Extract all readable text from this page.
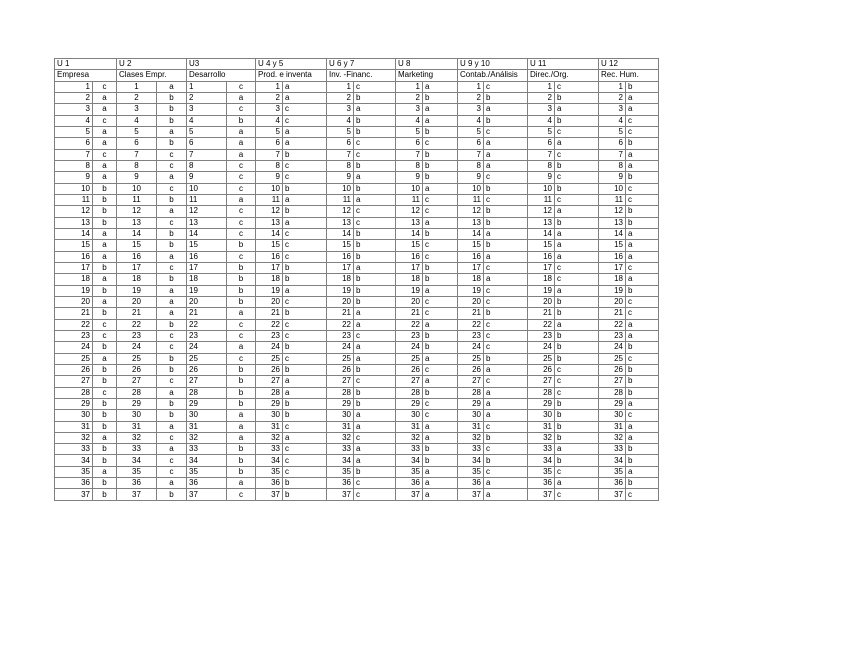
U 1		U 2		U3		U 4 y 5		U 6 y 7		U 8		U 9 y 10		U 11		U 12	
Empresa		Clases Empr.		Desarrollo		Prod. e inventa		Inv. -Financ.		Marketing		Contab./Análisis		Direc./Org.		Rec. Hum.	
1	c	1	a	1	c	1	a	1	c	1	a	1	c	1	c	1	b
2	a	2	b	2	a	2	a	2	b	2	b	2	b	2	b	2	a
3	a	3	b	3	c	3	c	3	a	3	a	3	a	3	a	3	a
4	c	4	b	4	b	4	c	4	b	4	a	4	b	4	b	4	c
5	a	5	a	5	a	5	a	5	b	5	b	5	c	5	c	5	c
6	a	6	b	6	a	6	a	6	c	6	c	6	a	6	a	6	b
7	c	7	c	7	a	7	b	7	c	7	b	7	a	7	c	7	a
8	a	8	c	8	c	8	c	8	b	8	b	8	a	8	b	8	a
9	a	9	a	9	c	9	c	9	a	9	b	9	c	9	c	9	b
10	b	10	c	10	c	10	b	10	b	10	a	10	b	10	b	10	c
11	b	11	b	11	a	11	a	11	a	11	c	11	c	11	c	11	c
12	b	12	a	12	c	12	b	12	c	12	c	12	b	12	a	12	b
13	b	13	c	13	c	13	a	13	c	13	a	13	b	13	b	13	b
14	a	14	b	14	c	14	c	14	b	14	b	14	a	14	a	14	a
15	a	15	b	15	b	15	c	15	b	15	c	15	b	15	a	15	a
16	a	16	a	16	c	16	c	16	b	16	c	16	a	16	a	16	a
17	b	17	c	17	b	17	b	17	a	17	b	17	c	17	c	17	c
18	a	18	b	18	b	18	b	18	b	18	b	18	a	18	c	18	a
19	b	19	a	19	b	19	a	19	b	19	a	19	c	19	a	19	b
20	a	20	a	20	b	20	c	20	b	20	c	20	c	20	b	20	c
21	b	21	a	21	a	21	b	21	a	21	c	21	b	21	b	21	c
22	c	22	b	22	c	22	c	22	a	22	a	22	c	22	a	22	a
23	c	23	c	23	c	23	c	23	c	23	b	23	c	23	b	23	a
24	b	24	c	24	a	24	b	24	a	24	b	24	c	24	b	24	b
25	a	25	b	25	c	25	c	25	a	25	a	25	b	25	b	25	c
26	b	26	b	26	b	26	b	26	b	26	c	26	a	26	c	26	b
27	b	27	c	27	b	27	a	27	c	27	a	27	c	27	c	27	b
28	c	28	a	28	b	28	a	28	b	28	b	28	a	28	c	28	b
29	b	29	b	29	b	29	b	29	b	29	c	29	a	29	b	29	a
30	b	30	b	30	a	30	b	30	a	30	c	30	a	30	b	30	c
31	b	31	a	31	a	31	c	31	a	31	a	31	c	31	b	31	a
32	a	32	c	32	a	32	a	32	c	32	a	32	b	32	b	32	a
33	b	33	a	33	b	33	c	33	a	33	b	33	c	33	a	33	b
34	b	34	c	34	b	34	c	34	a	34	b	34	b	34	b	34	b
35	a	35	c	35	b	35	c	35	b	35	a	35	c	35	c	35	a
36	b	36	a	36	a	36	b	36	c	36	a	36	a	36	a	36	b
37	b	37	b	37	c	37	b	37	c	37	a	37	a	37	c	37	c
